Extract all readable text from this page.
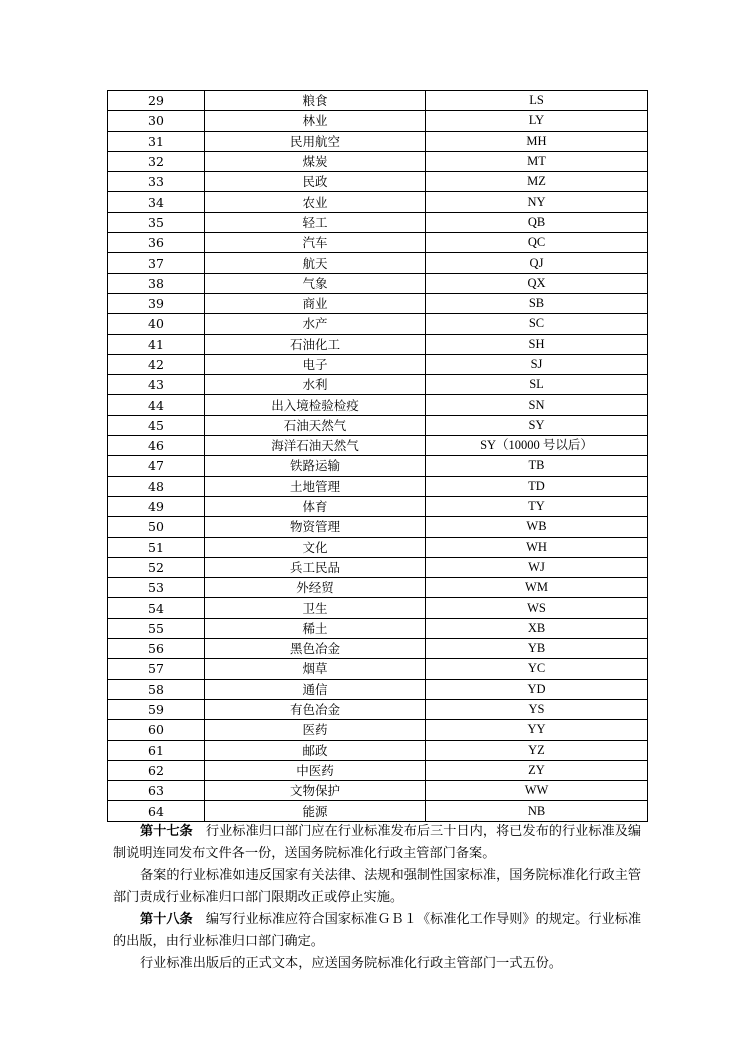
29	粮食	LS
30	林业	LY
31	民用航空	MH
32	煤炭	MT
33	民政	MZ
34	农业	NY
35	轻工	QB
36	汽车	QC
37	航天	QJ
38	气象	QX
39	商业	SB
40	水产	SC
41	石油化工	SH
42	电子	SJ
43	水利	SL
44	出入境检验检疫	SN
45	石油天然气	SY
46	海洋石油天然气	SY（10000 号以后）
47	铁路运输	TB
48	土地管理	TD
49	体育	TY
50	物资管理	WB
51	文化	WH
52	兵工民品	WJ
53	外经贸	WM
54	卫生	WS
55	稀土	XB
56	黑色冶金	YB
57	烟草	YC
58	通信	YD
59	有色冶金	YS
60	医药	YY
61	邮政	YZ
62	中医药	ZY
63	文物保护	WW
64	能源	NB

第十七条　行业标准归口部门应在行业标准发布后三十日内，将已发布的行业标准及编制说明连同发布文件各一份，送国务院标准化行政主管部门备案。

备案的行业标准如违反国家有关法律、法规和强制性国家标准，国务院标准化行政主管部门责成行业标准归口部门限期改正或停止实施。

第十八条　编写行业标准应符合国家标准ＧＢ１《标准化工作导则》的规定。行业标准的出版，由行业标准归口部门确定。

行业标准出版后的正式文本，应送国务院标准化行政主管部门一式五份。
